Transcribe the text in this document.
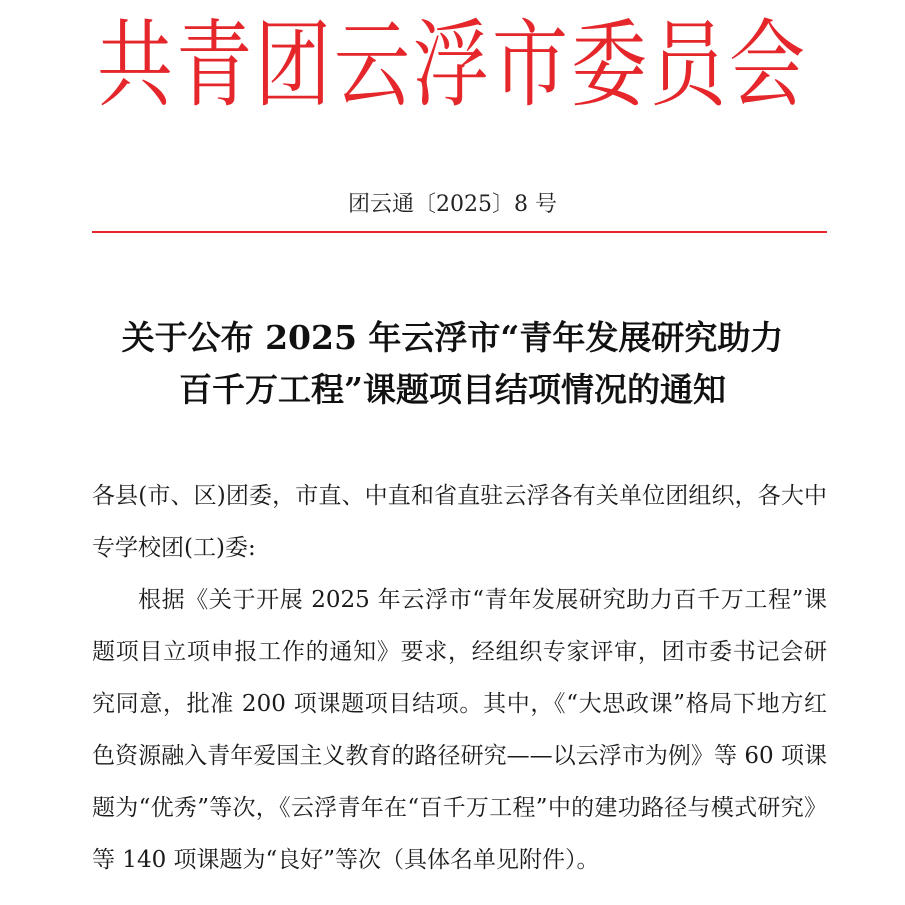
共青团云浮市委员会
团云通〔2025〕8 号
关于公布 2025 年云浮市“青年发展研究助力
百千万工程”课题项目结项情况的通知

各县(市、区)团委，市直、中直和省直驻云浮各有关单位团组织，各大中专学校团(工)委:

根据《关于开展 2025 年云浮市“青年发展研究助力百千万工程”课题项目立项申报工作的通知》要求，经组织专家评审，团市委书记会研究同意，批准 200 项课题项目结项。其中，《“大思政课”格局下地方红色资源融入青年爱国主义教育的路径研究——以云浮市为例》等 60 项课题为“优秀”等次，《云浮青年在“百千万工程”中的建功路径与模式研究》等 140 项课题为“良好”等次（具体名单见附件）。
